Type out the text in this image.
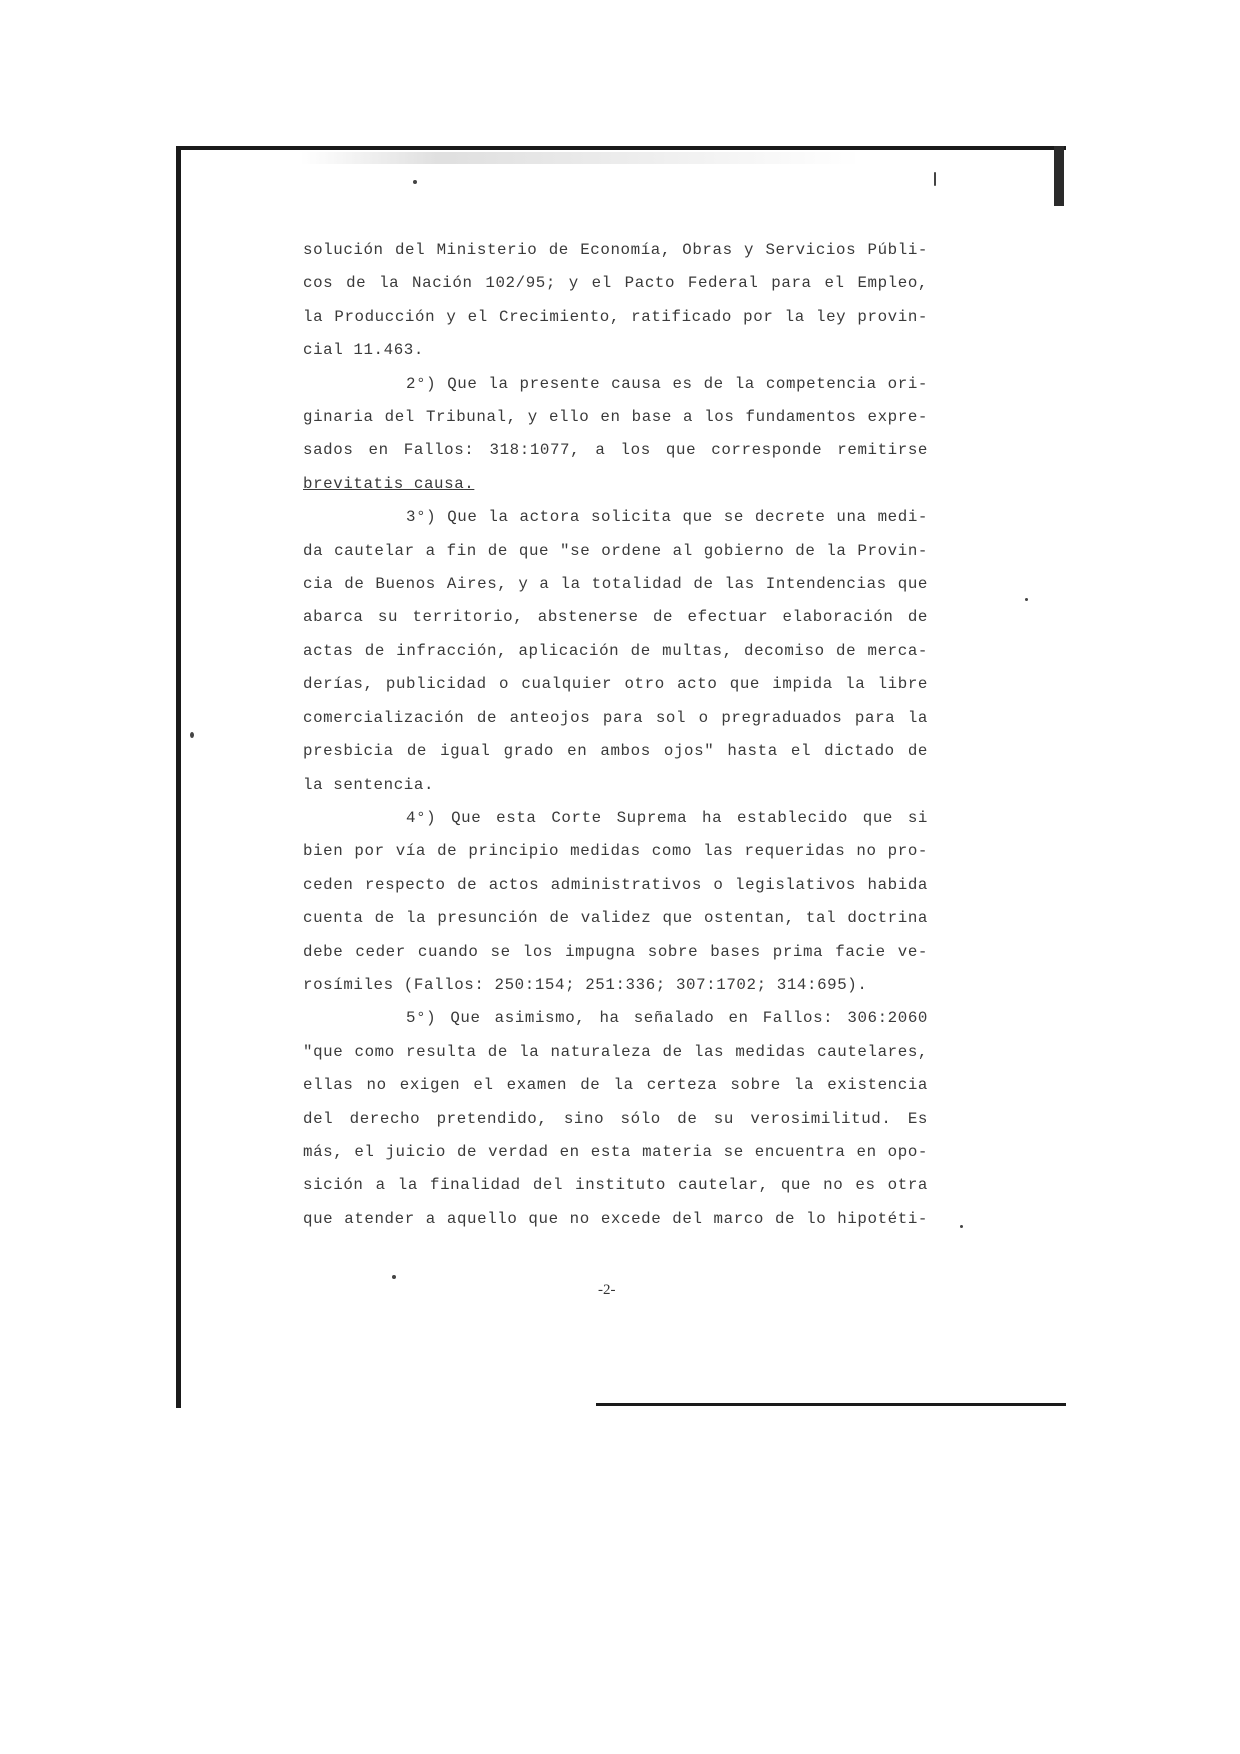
solución del Ministerio de Economía, Obras y Servicios Públi-
cos de la Nación 102/95; y el Pacto Federal para el Empleo,
la Producción y el Crecimiento, ratificado por la ley provin-
cial 11.463.

2°) Que la presente causa es de la competencia ori-
ginaria del Tribunal, y ello en base a los fundamentos expre-
sados en Fallos: 318:1077, a los que corresponde remitirse
brevitatis causa.

3°) Que la actora solicita que se decrete una medi-
da cautelar a fin de que "se ordene al gobierno de la Provin-
cia de Buenos Aires, y a la totalidad de las Intendencias que
abarca su territorio, abstenerse de efectuar elaboración de
actas de infracción, aplicación de multas, decomiso de merca-
derías, publicidad o cualquier otro acto que impida la libre
comercialización de anteojos para sol o pregraduados para la
presbicia de igual grado en ambos ojos" hasta el dictado de
la sentencia.

4°) Que esta Corte Suprema ha establecido que si
bien por vía de principio medidas como las requeridas no pro-
ceden respecto de actos administrativos o legislativos habida
cuenta de la presunción de validez que ostentan, tal doctrina
debe ceder cuando se los impugna sobre bases prima facie ve-
rosímiles (Fallos: 250:154; 251:336; 307:1702; 314:695).

5°) Que asimismo, ha señalado en Fallos: 306:2060
"que como resulta de la naturaleza de las medidas cautelares,
ellas no exigen el examen de la certeza sobre la existencia
del derecho pretendido, sino sólo de su verosimilitud. Es
más, el juicio de verdad en esta materia se encuentra en opo-
sición a la finalidad del instituto cautelar, que no es otra
que atender a aquello que no excede del marco de lo hipotéti-

-2-
